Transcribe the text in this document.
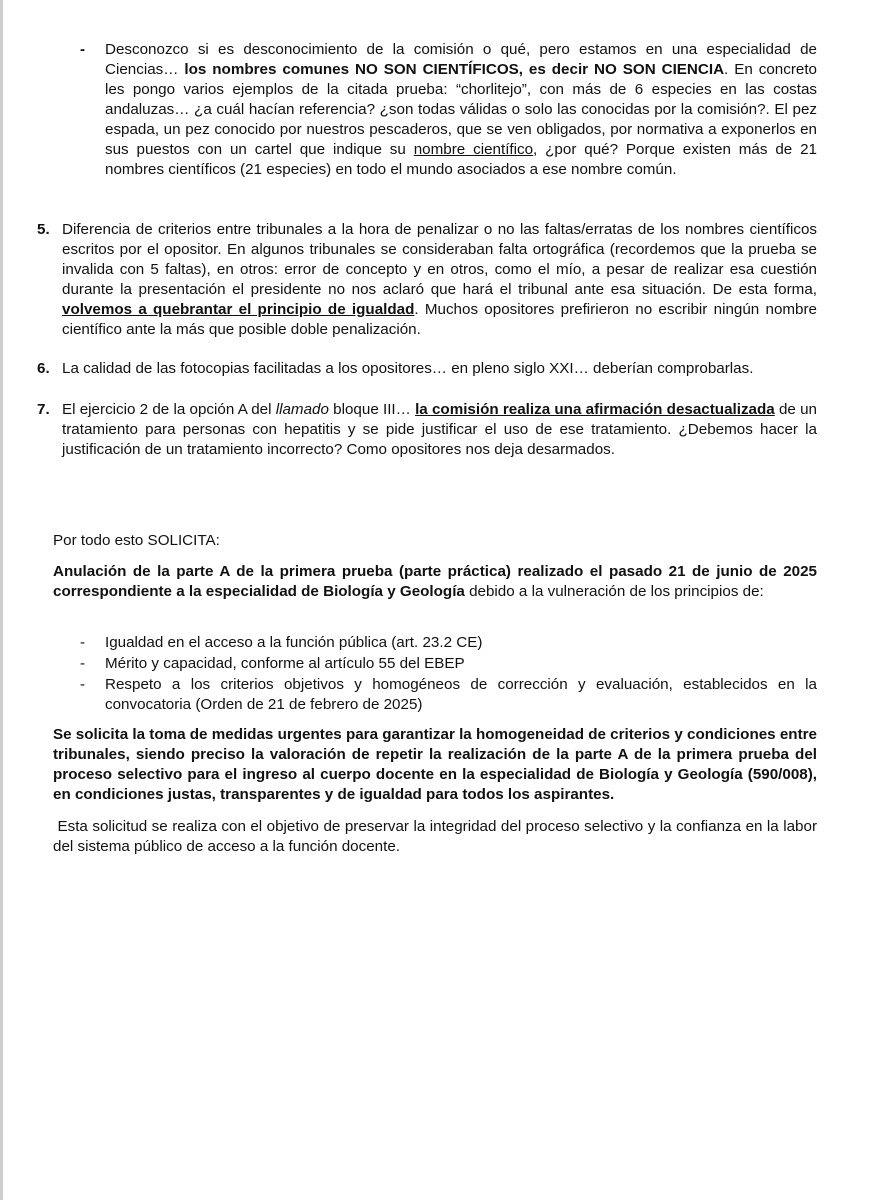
- Desconozco si es desconocimiento de la comisión o qué, pero estamos en una especialidad de Ciencias… los nombres comunes NO SON CIENTÍFICOS, es decir NO SON CIENCIA. En concreto les pongo varios ejemplos de la citada prueba: “chorlitejo”, con más de 6 especies en las costas andaluzas… ¿a cuál hacían referencia? ¿son todas válidas o solo las conocidas por la comisión?. El pez espada, un pez conocido por nuestros pescaderos, que se ven obligados, por normativa a exponerlos en sus puestos con un cartel que indique su nombre científico, ¿por qué? Porque existen más de 21 nombres científicos (21 especies) en todo el mundo asociados a ese nombre común.

5. Diferencia de criterios entre tribunales a la hora de penalizar o no las faltas/erratas de los nombres científicos escritos por el opositor. En algunos tribunales se consideraban falta ortográfica (recordemos que la prueba se invalida con 5 faltas), en otros: error de concepto y en otros, como el mío, a pesar de realizar esa cuestión durante la presentación el presidente no nos aclaró que hará el tribunal ante esa situación. De esta forma, volvemos a quebrantar el principio de igualdad. Muchos opositores prefirieron no escribir ningún nombre científico ante la más que posible doble penalización.

6. La calidad de las fotocopias facilitadas a los opositores… en pleno siglo XXI… deberían comprobarlas.

7. El ejercicio 2 de la opción A del llamado bloque III… la comisión realiza una afirmación desactualizada de un tratamiento para personas con hepatitis y se pide justificar el uso de ese tratamiento. ¿Debemos hacer la justificación de un tratamiento incorrecto? Como opositores nos deja desarmados.

Por todo esto SOLICITA:

Anulación de la parte A de la primera prueba (parte práctica) realizado el pasado 21 de junio de 2025 correspondiente a la especialidad de Biología y Geología debido a la vulneración de los principios de:

- Igualdad en el acceso a la función pública (art. 23.2 CE)

- Mérito y capacidad, conforme al artículo 55 del EBEP

- Respeto a los criterios objetivos y homogéneos de corrección y evaluación, establecidos en la convocatoria (Orden de 21 de febrero de 2025)

Se solicita la toma de medidas urgentes para garantizar la homogeneidad de criterios y condiciones entre tribunales, siendo preciso la valoración de repetir la realización de la parte A de la primera prueba del proceso selectivo para el ingreso al cuerpo docente en la especialidad de Biología y Geología (590/008), en condiciones justas, transparentes y de igualdad para todos los aspirantes.

Esta solicitud se realiza con el objetivo de preservar la integridad del proceso selectivo y la confianza en la labor del sistema público de acceso a la función docente.
